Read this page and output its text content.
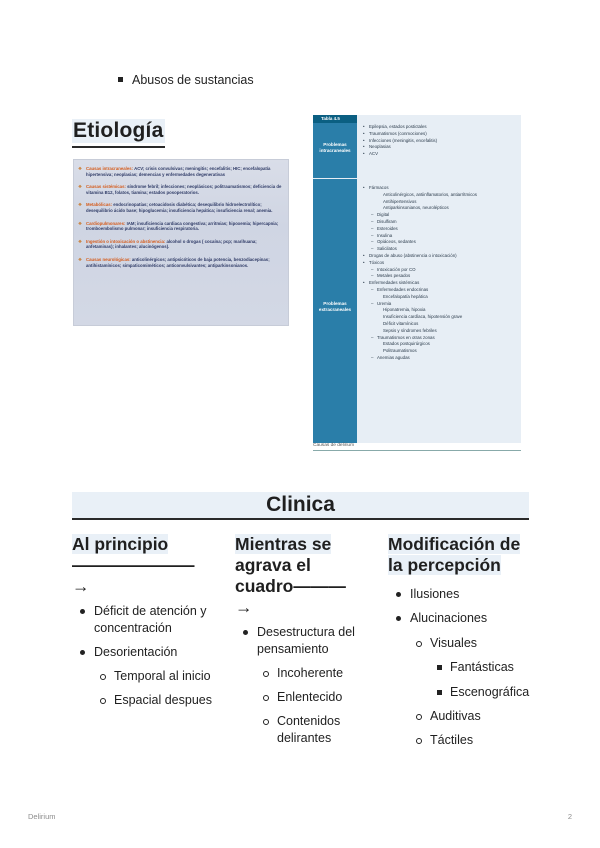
Abusos de sustancias
Etiología
❖ Causas intracraneales: ACV; crisis convulsivas; meningitis; encefalitis; HIC; encefalopatía hipertensiva; neoplasias; demencias y enfermedades degenerativas
❖ Causas sistémicas: síndrome febril; infecciones; neoplásicos; politraumatismos; deficiencia de vitamina B12, folatos, tiamina; estados posoperatorios.
❖ Metabólicas: endocrinopatías; cetoacidosis diabética; desequilibrio hidroelectrolítico; desequilibrio ácido base; hipoglucemia; insuficiencia hepática; insuficiencia renal; anemia.
❖ Cardiopulmonares: IAM; insuficiencia cardiaca congestiva; arritmias; hipoxemia; hipercapnia; tromboembolismo pulmonar; insuficiencia respiratoria.
❖ Ingestión o intoxicación o abstinencia: alcohol o drogas ( cocaína; pcp; marihuana; anfetaminas); inhalantes; alucinógenos).
❖ Causas neurológicas: anticolinérgicos; antipsicóticos de baja potencia, benzodiacepinas; antihistamínicos; simpaticomiméticos; anticonvulsivantes; antiparkinsonianos.
Tabla 4.5
Problemas intracraneales
Problemas extracraneales
• Epilepsia, estados postictales
• Traumatismos (conmociones)
• Infecciones (meningitis, encefalitis)
• Neoplasias
• ACV
• Fármacos
Anticolinérgicos, antiinflamatorios, antiarrítmicos
Antihipertensivos
Antiparkinsonianos, neurolépticos
– Digital
– Disulfiram
– Esteroides
– Insulina
– Opiáceos, sedantes
– Salicilatos
• Drogas de abuso (abstinencia o intoxicación)
• Tóxicos
– Intoxicación por CO
– Metales pesados
• Enfermedades sistémicas
– Enfermedades endocrinas
Encefalopatía hepática
– Uremia
Hiponatremia, hipoxia
Insuficiencia cardíaca, hipotensión grave
Déficit vitamínicos
Sepsis y síndromes febriles
– Traumatismos en otras zonas
Estados postquirúrgicos
Politraumatismos
– Anemias agudas
Causas de delirium
Clinica
Al principio
———————
→
Déficit de atención y concentración
Desorientación
Temporal al inicio
Espacial despues
Mientras se
agrava el
cuadro———
→
Desestructura del pensamiento
Incoherente
Enlentecido
Contenidos delirantes
Modificación de
la percepción
Ilusiones
Alucinaciones
Visuales
Fantásticas
Escenográfica
Auditivas
Táctiles
Delirium	2
